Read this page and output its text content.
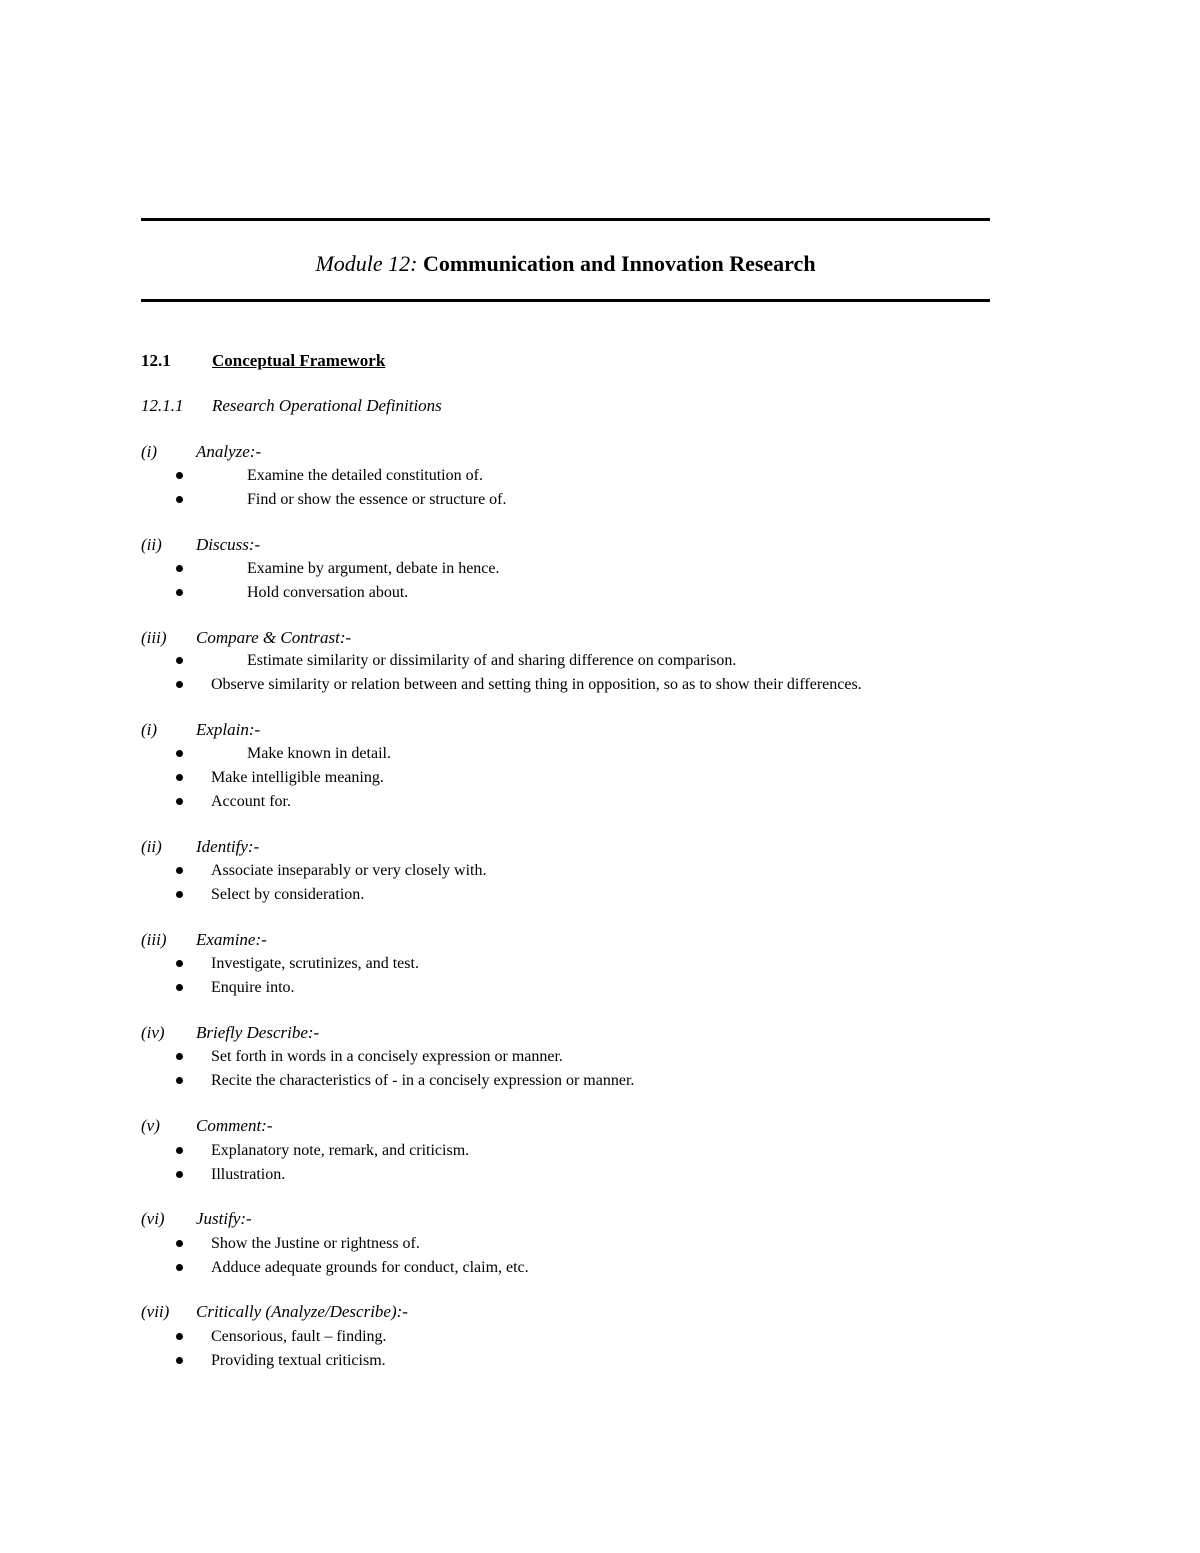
Module 12: Communication and Innovation Research
12.1 Conceptual Framework
12.1.1 Research Operational Definitions
(i) Analyze:-
Examine the detailed constitution of.
Find or show the essence or structure of.
(ii) Discuss:-
Examine by argument, debate in hence.
Hold conversation about.
(iii) Compare & Contrast:-
Estimate similarity or dissimilarity of and sharing difference on comparison.
Observe similarity or relation between and setting thing in opposition, so as to show their differences.
(i) Explain:-
Make known in detail.
Make intelligible meaning.
Account for.
(ii) Identify:-
Associate inseparably or very closely with.
Select by consideration.
(iii) Examine:-
Investigate, scrutinizes, and test.
Enquire into.
(iv) Briefly Describe:-
Set forth in words in a concisely expression or manner.
Recite the characteristics of - in a concisely expression or manner.
(v) Comment:-
Explanatory note, remark, and criticism.
Illustration.
(vi) Justify:-
Show the Justine or rightness of.
Adduce adequate grounds for conduct, claim, etc.
(vii) Critically (Analyze/Describe):-
Censorious, fault – finding.
Providing textual criticism.
